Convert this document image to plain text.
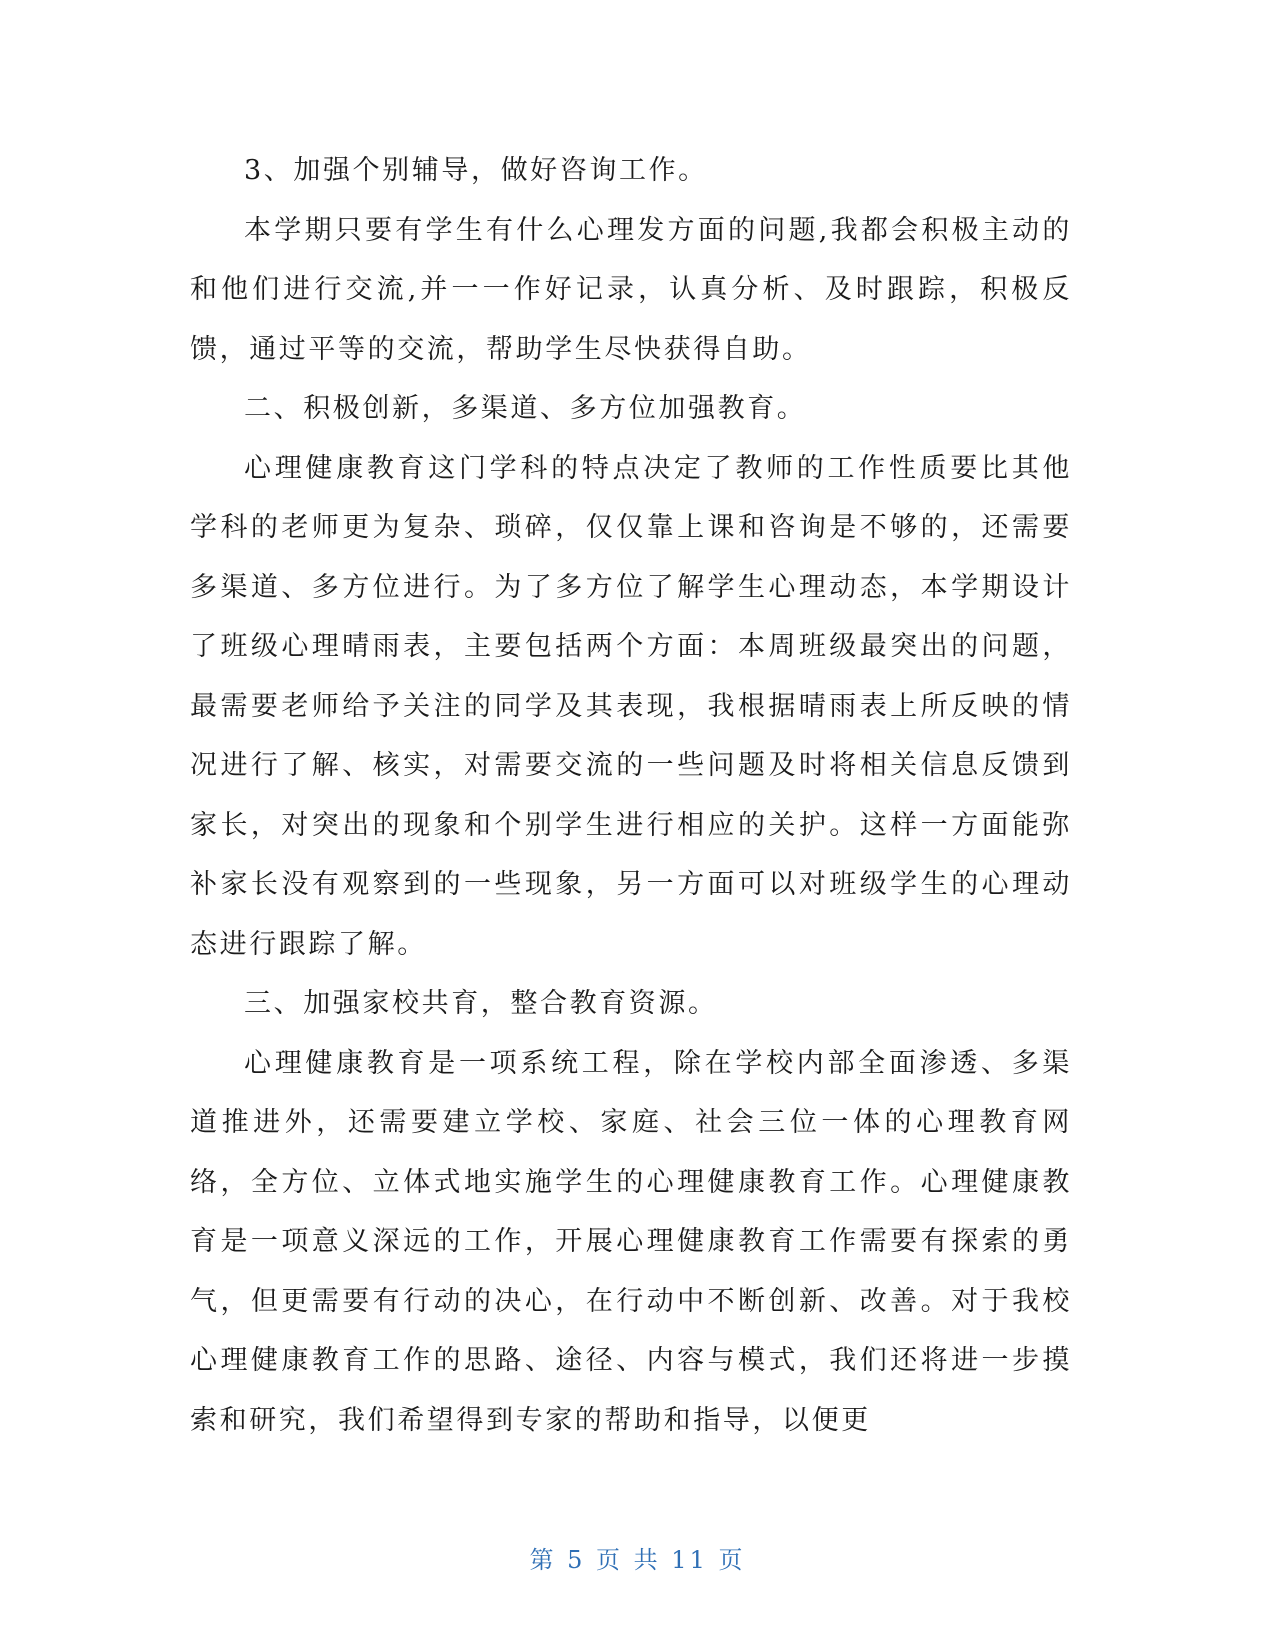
3、加强个别辅导，做好咨询工作。

本学期只要有学生有什么心理发方面的问题,我都会积极主动的和他们进行交流,并一一作好记录，认真分析、及时跟踪，积极反馈，通过平等的交流，帮助学生尽快获得自助。

二、积极创新，多渠道、多方位加强教育。

心理健康教育这门学科的特点决定了教师的工作性质要比其他学科的老师更为复杂、琐碎，仅仅靠上课和咨询是不够的，还需要多渠道、多方位进行。为了多方位了解学生心理动态，本学期设计了班级心理晴雨表，主要包括两个方面：本周班级最突出的问题，最需要老师给予关注的同学及其表现，我根据晴雨表上所反映的情况进行了解、核实，对需要交流的一些问题及时将相关信息反馈到家长，对突出的现象和个别学生进行相应的关护。这样一方面能弥补家长没有观察到的一些现象，另一方面可以对班级学生的心理动态进行跟踪了解。

三、加强家校共育，整合教育资源。

心理健康教育是一项系统工程，除在学校内部全面渗透、多渠道推进外，还需要建立学校、家庭、社会三位一体的心理教育网络，全方位、立体式地实施学生的心理健康教育工作。心理健康教育是一项意义深远的工作，开展心理健康教育工作需要有探索的勇气，但更需要有行动的决心，在行动中不断创新、改善。对于我校心理健康教育工作的思路、途径、内容与模式，我们还将进一步摸索和研究，我们希望得到专家的帮助和指导，以便更

第 5 页 共 11 页
